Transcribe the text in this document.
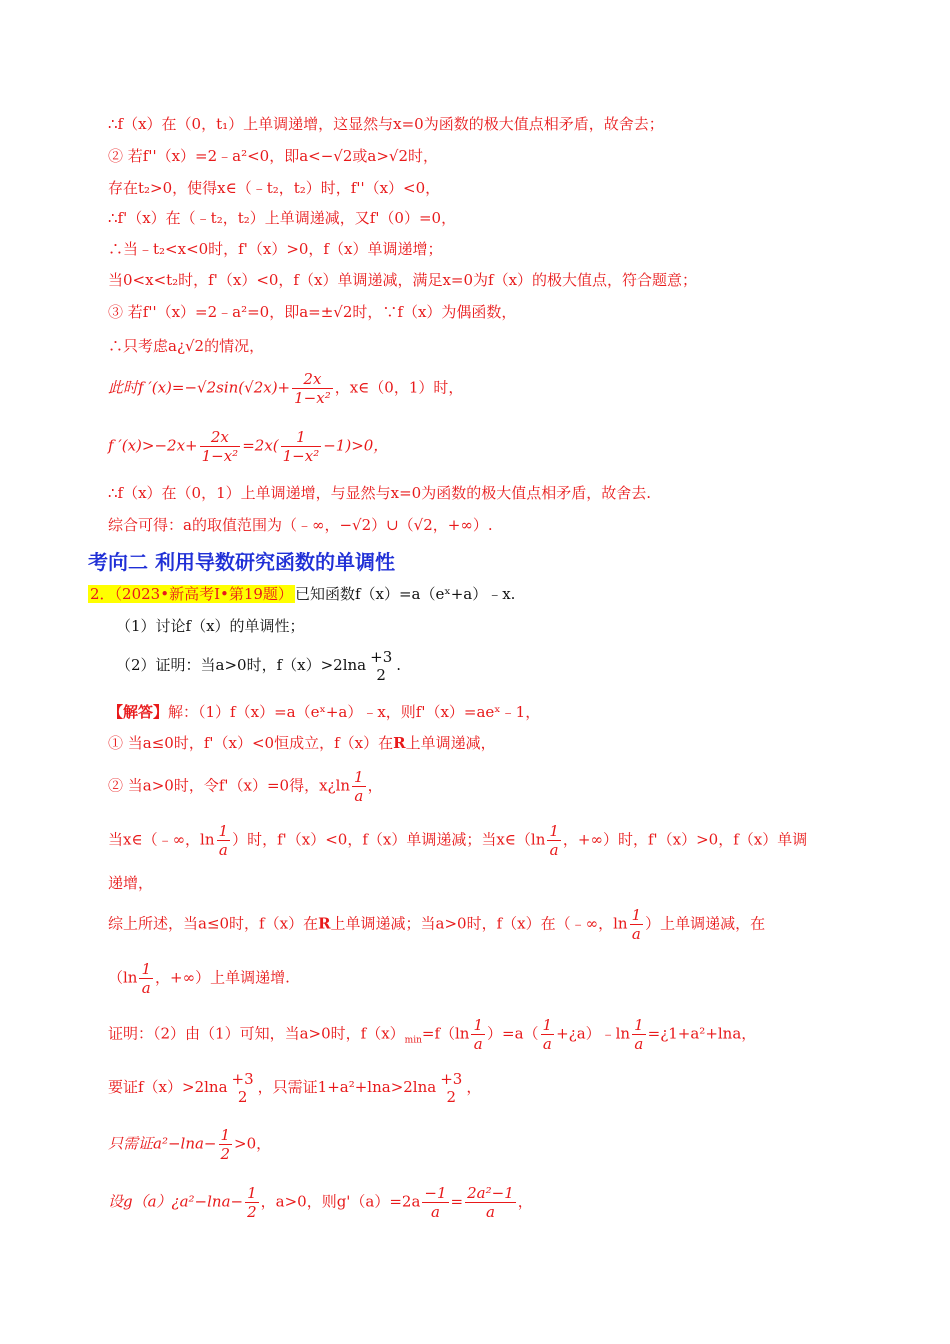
∴f（x）在（0，t₁）上单调递增，这显然与x=0为函数的极大值点相矛盾，故舍去；
② 若f''（x）=2﹣a²<0，即a<−√2或a>√2时，
存在t₂>0，使得x∈（﹣t₂，t₂）时，f''（x）<0，
∴f'（x）在（﹣t₂，t₂）上单调递减，又f'（0）=0，
∴当﹣t₂<x<0时，f'（x）>0，f（x）单调递增；
当0<x<t₂时，f'（x）<0，f（x）单调递减，满足x=0为f（x）的极大值点，符合题意；
③ 若f''（x）=2﹣a²=0，即a=±√2时，∵f（x）为偶函数，
∴只考虑a¿√2的情况，
此时f $'(x)=-√2\sin(√2x)+ \frac{2x}{\text{1−x²}}$ ，x∈（0，1）时，
f $'(x)>-2x+ \frac{2x}{\text{1−x²}} =2x( \frac{1}{\text{1−x²}} -1)>0$，
∴f（x）在（0，1）上单调递增，与显然与x=0为函数的极大值点相矛盾，故舍去.
综合可得：a的取值范围为（﹣∞，−√2）∪（√2，+∞）.
考向二 利用导数研究函数的单调性
2．（2023•新高考Ⅰ•第19题） 已知函数f（x）=a（eˣ+a）﹣x.
（1）讨论f（x）的单调性；
（2）证明：当a>0时，f（x）>2lna +3
2
.
【解答】解：（1）f（x）=a（eˣ+a）﹣x，则f'（x）=aeˣ﹣1，
① 当a≤0时，f'（x）<0恒成立，f（x）在R上单调递减，
② 当a>0时，令f'（x）=0得，x¿ln $\frac{1}{a}$ ，
当x∈（﹣∞，$\ln \frac{1}{a}$ ）时，f'（x）<0，f（x）单调递减；当x∈（ln $\frac{1}{a}$ ，+∞）时，f'（x）>0，f（x）单调
递增，
综上所述，当a≤0时，f（x）在R上单调递减；当a>0时，f（x）在（﹣∞，$\ln \frac{1}{a}$ ）上单调递减，在
（$\ln \frac{1}{a}$ ，+∞）上单调递增.
证明：（2）由（1）可知，当a>0时，$f(x)_{min}=f(\ln \frac{1}{a} )=a( \frac{1}{a}$ +¿a）﹣ln $\frac{1}{a}$ =¿1+a²+lna，
要证f（x）>2lna +3
2
，只需证1+a²+lna>2lna +3
2
，
只需证$a^2-\ln a- \frac{1}{2} >0$，
设g（a）¿a²−lna− $\frac{1}{2}$ ，a>0，则$g'(a)=2a \frac{-1}{a} = \frac{\text{2a²−1}}{a}$ ，
